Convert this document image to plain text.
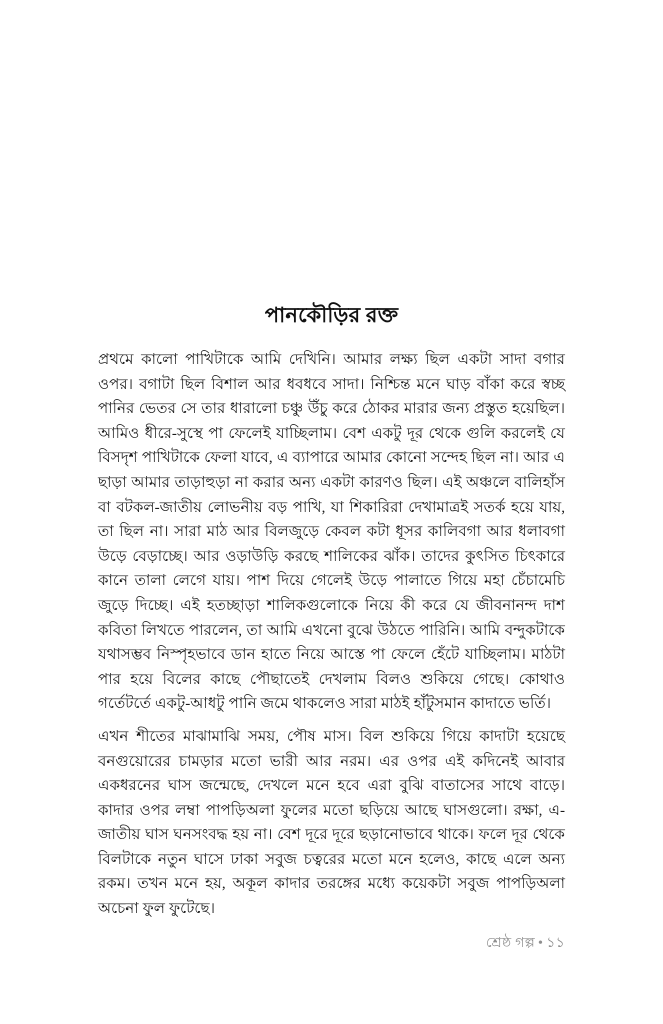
পানকৌড়ির রক্ত

প্রথমে কালো পাখিটাকে আমি দেখিনি। আমার লক্ষ্য ছিল একটা সাদা বগার ওপর। বগাটা ছিল বিশাল আর ধবধবে সাদা। নিশ্চিন্ত মনে ঘাড় বাঁকা করে স্বচ্ছ পানির ভেতর সে তার ধারালো চঞ্চু উঁচু করে ঠোকর মারার জন্য প্রস্তুত হয়েছিল। আমিও ধীরে-সুস্থে পা ফেলেই যাচ্ছিলাম। বেশ একটু দূর থেকে গুলি করলেই যে বিসদৃশ পাখিটাকে ফেলা যাবে, এ ব্যাপারে আমার কোনো সন্দেহ ছিল না। আর এ ছাড়া আমার তাড়াহুড়া না করার অন্য একটা কারণও ছিল। এই অঞ্চলে বালিহাঁস বা বটকল-জাতীয় লোভনীয় বড় পাখি, যা শিকারিরা দেখামাত্রই সতর্ক হয়ে যায়, তা ছিল না। সারা মাঠ আর বিলজুড়ে কেবল কটা ধূসর কালিবগা আর ধলাবগা উড়ে বেড়াচ্ছে। আর ওড়াউড়ি করছে শালিকের ঝাঁক। তাদের কুৎসিত চিৎকারে কানে তালা লেগে যায়। পাশ দিয়ে গেলেই উড়ে পালাতে গিয়ে মহা চেঁচামেচি জুড়ে দিচ্ছে। এই হতচ্ছাড়া শালিকগুলোকে নিয়ে কী করে যে জীবনানন্দ দাশ কবিতা লিখতে পারলেন, তা আমি এখনো বুঝে উঠতে পারিনি। আমি বন্দুকটাকে যথাসম্ভব নিস্পৃহভাবে ডান হাতে নিয়ে আস্তে পা ফেলে হেঁটে যাচ্ছিলাম। মাঠটা পার হয়ে বিলের কাছে পৌছাতেই দেখলাম বিলও শুকিয়ে গেছে। কোথাও গর্তেটর্তে একটু-আধটু পানি জমে থাকলেও সারা মাঠই হাঁটুসমান কাদাতে ভর্তি।

এখন শীতের মাঝামাঝি সময়, পৌষ মাস। বিল শুকিয়ে গিয়ে কাদাটা হয়েছে বনগুয়োরের চামড়ার মতো ভারী আর নরম। এর ওপর এই কদিনেই আবার একধরনের ঘাস জন্মেছে, দেখলে মনে হবে এরা বুঝি বাতাসের সাথে বাড়ে। কাদার ওপর লম্বা পাপড়িঅলা ফুলের মতো ছড়িয়ে আছে ঘাসগুলো। রক্ষা, এ-জাতীয় ঘাস ঘনসংবদ্ধ হয় না। বেশ দূরে দূরে ছড়ানোভাবে থাকে। ফলে দূর থেকে বিলটাকে নতুন ঘাসে ঢাকা সবুজ চত্বরের মতো মনে হলেও, কাছে এলে অন্য রকম। তখন মনে হয়, অকূল কাদার তরঙ্গের মধ্যে কয়েকটা সবুজ পাপড়িঅলা অচেনা ফুল ফুটেছে।

শ্রেষ্ঠ গল্প • ১১
